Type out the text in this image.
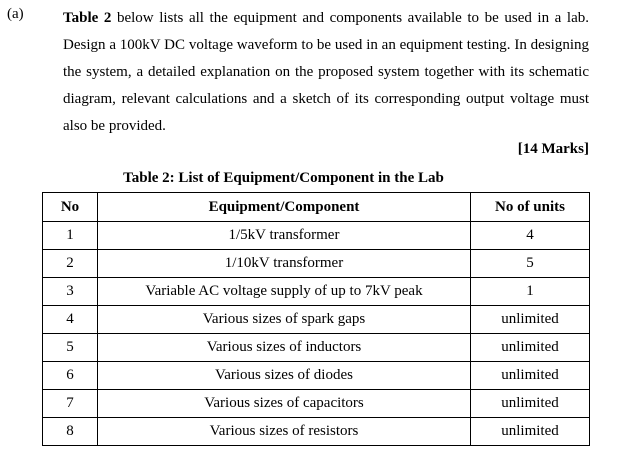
(a)	Table 2 below lists all the equipment and components available to be used in a lab. Design a 100kV DC voltage waveform to be used in an equipment testing. In designing the system, a detailed explanation on the proposed system together with its schematic diagram, relevant calculations and a sketch of its corresponding output voltage must also be provided.
[14 Marks]
Table 2: List of Equipment/Component in the Lab
No	Equipment/Component	No of units
1	1/5kV transformer	4
2	1/10kV transformer	5
3	Variable AC voltage supply of up to 7kV peak	1
4	Various sizes of spark gaps	unlimited
5	Various sizes of inductors	unlimited
6	Various sizes of diodes	unlimited
7	Various sizes of capacitors	unlimited
8	Various sizes of resistors	unlimited
